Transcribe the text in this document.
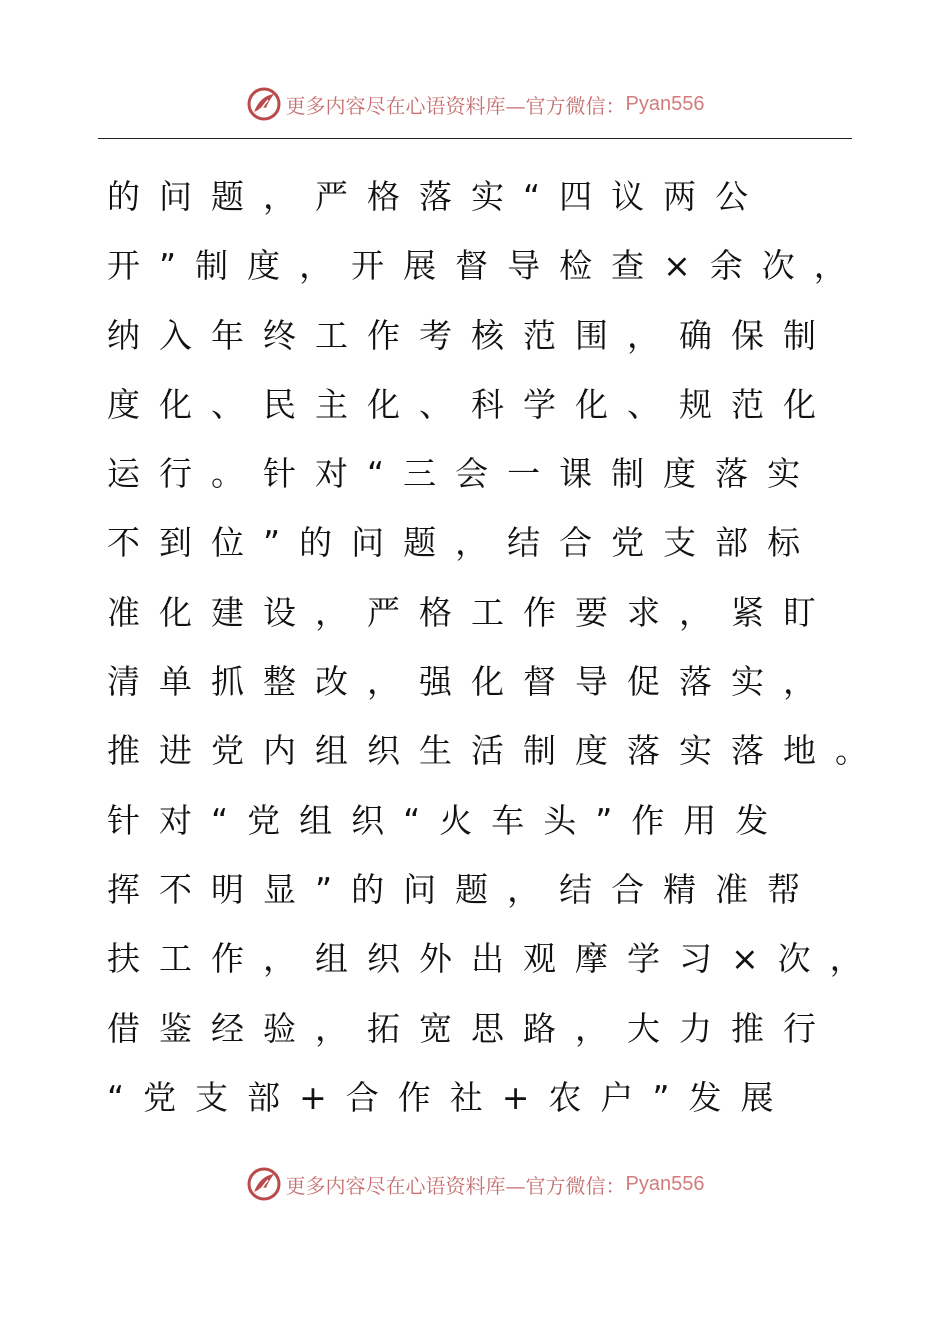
更多内容尽在心语资料库—官方微信： Pyan556
的问题，严格落实“四议两公
开”制度，开展督导检查×余次，
纳入年终工作考核范围，确保制
度化、民主化、科学化、规范化
运行。针对“三会一课制度落实
不到位”的问题，结合党支部标
准化建设，严格工作要求，紧盯
清单抓整改，强化督导促落实，
推进党内组织生活制度落实落地。
针对“党组织“火车头”作用发
挥不明显”的问题，结合精准帮
扶工作，组织外出观摩学习×次，
借鉴经验，拓宽思路，大力推行
“党支部+合作社+农户”发展
更多内容尽在心语资料库—官方微信： Pyan556
